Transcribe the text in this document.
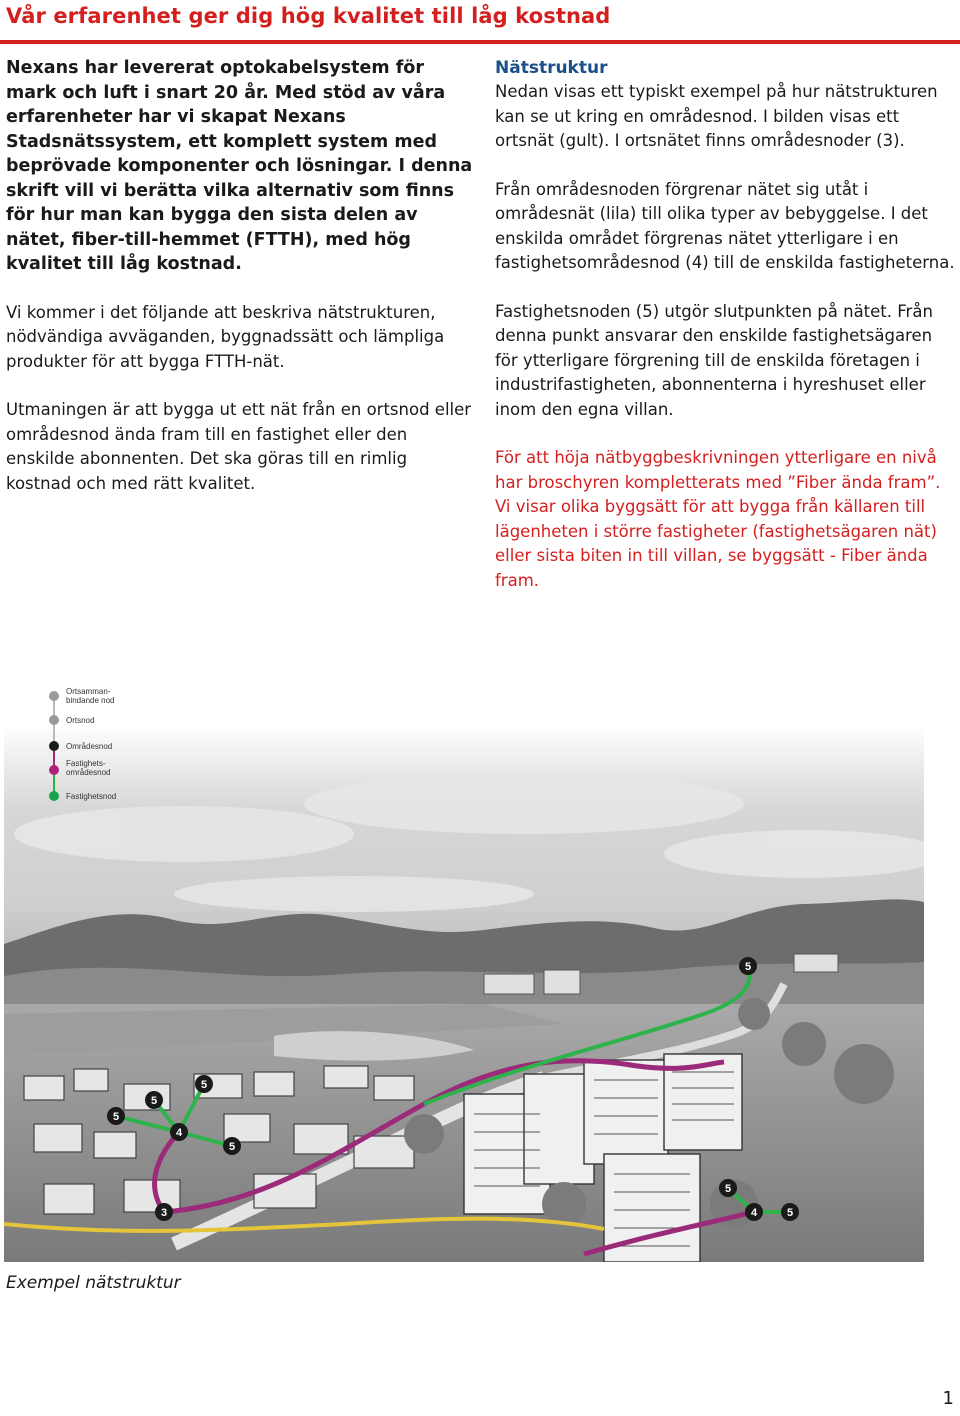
Vår erfarenhet ger dig hög kvalitet till låg kostnad

Nexans har levererat optokabelsystem för mark och luft i snart 20 år. Med stöd av våra erfarenheter har vi skapat Nexans Stadsnätssystem, ett komplett system med beprövade komponenter och lösningar. I denna skrift vill vi berätta vilka alternativ som finns för hur man kan bygga den sista delen av nätet, fiber-till-hemmet (FTTH), med hög kvalitet till låg kostnad.

Vi kommer i det följande att beskriva nätstrukturen, nödvändiga avväganden, byggnadssätt och lämpliga produkter för att bygga FTTH-nät.

Utmaningen är att bygga ut ett nät från en ortsnod eller områdesnod ända fram till en fastighet eller den enskilde abonnenten. Det ska göras till en rimlig kostnad och med rätt kvalitet.

Nätstruktur

Nedan visas ett typiskt exempel på hur nätstrukturen kan se ut kring en områdesnod. I bilden visas ett ortsnät (gult). I ortsnätet finns områdesnoder (3).

Från områdesnoden förgrenar nätet sig utåt i områdesnät (lila) till olika typer av bebyggelse. I det enskilda området förgrenas nätet ytterligare i en fastighetsområdesnod (4) till de enskilda fastigheterna.

Fastighetsnoden (5) utgör slutpunkten på nätet. Från denna punkt ansvarar den enskilde fastighetsägaren för ytterligare förgrening till de enskilda företagen i industrifastigheten, abonnenterna i hyreshuset eller inom den egna villan.

För att höja nätbyggbeskrivningen ytterligare en nivå har broschyren kompletterats med ”Fiber ända fram”. Vi visar olika byggsätt för att bygga från källaren till lägenheten i större fastigheter (fastighetsägaren nät) eller sista biten in till villan, se byggsätt - Fiber ända fram.

Ortsamman-
bindande nod
Ortsnod
Områdesnod
Fastighets-
områdesnod
Fastighetsnod
5
5
5
4
5
5
3
5
4	5
Exempel nätstruktur
1
